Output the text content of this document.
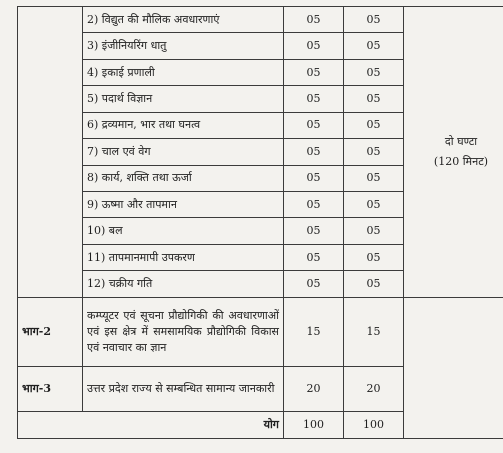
	2) विद्युत की मौलिक अवधारणाएं	05	05	दो घण्टा
(120 मिनट)

	3) इंजीनियरिंग धातु	05	05	
	4) इकाई प्रणाली	05	05	
	5) पदार्थ विज्ञान	05	05	
	6) द्रव्यमान, भार तथा घनत्व	05	05	
	7) चाल एवं वेग	05	05	
	8) कार्य, शक्ति तथा ऊर्जा	05	05	
	9) ऊष्मा और तापमान	05	05	
	10) बल	05	05	
	11) तापमानमापी उपकरण	05	05	
	12) चक्रीय गति	05	05	
भाग-2	कम्प्यूटर एवं सूचना प्रौद्योगिकी की अवधारणाओं एवं इस क्षेत्र में समसामयिक प्रौद्योगिकी विकास एवं नवाचार का ज्ञान	15	15	
भाग-3	उत्तर प्रदेश राज्य से सम्बन्धित सामान्य जानकारी	20	20	
योग		100	100	
